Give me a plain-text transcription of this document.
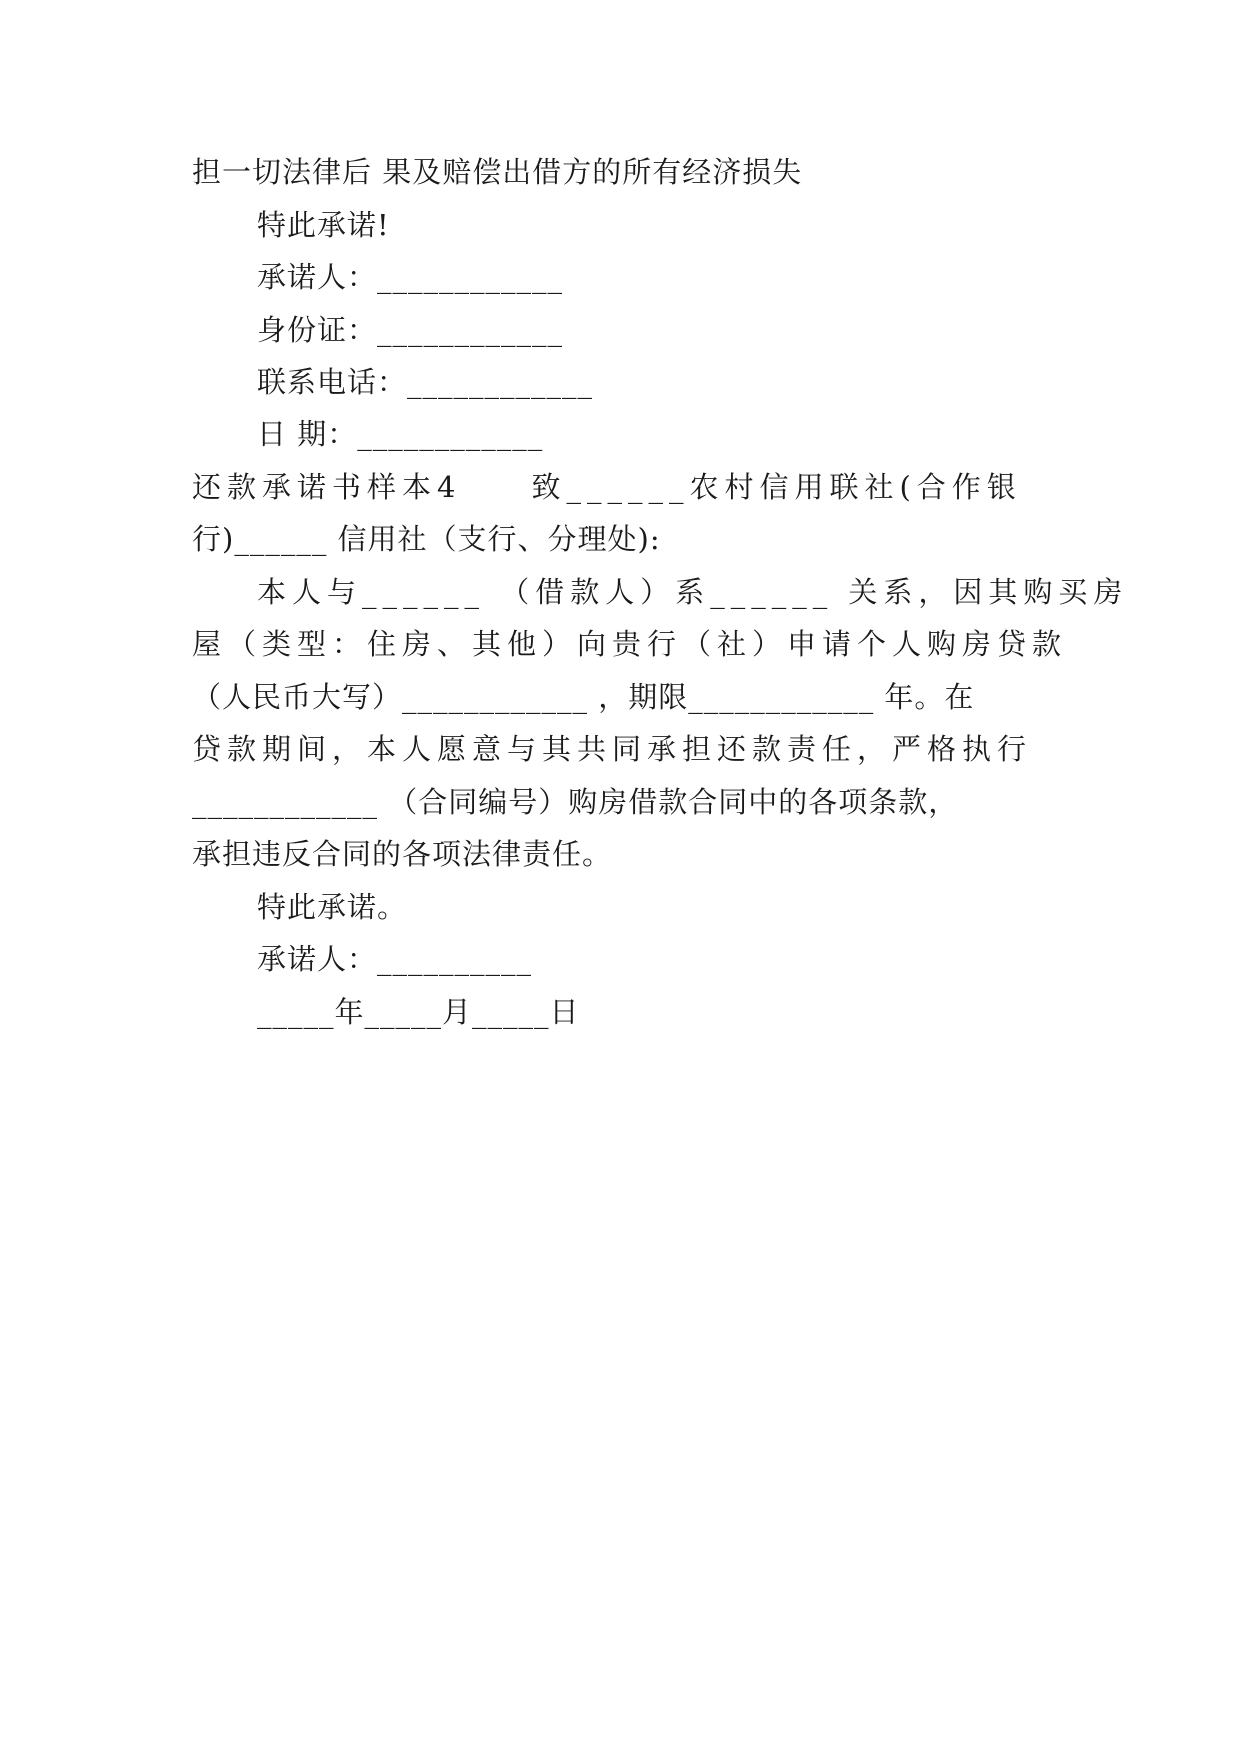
担一切法律后 果及赔偿出借方的所有经济损失
特此承诺!
承诺人：____________
身份证：____________
联系电话：____________
日 期：____________
还款承诺书样本4　　致______农村信用联社(合作银
行)______ 信用社（支行、分理处):
本人与______ （借款人）系______ 关系，因其购买房
屋（类型：住房、其他）向贵行（社）申请个人购房贷款
（人民币大写）____________ ，期限____________ 年。在
贷款期间，本人愿意与其共同承担还款责任，严格执行
____________ （合同编号）购房借款合同中的各项条款，
承担违反合同的各项法律责任。
特此承诺。
承诺人：__________
_____年_____月_____日
